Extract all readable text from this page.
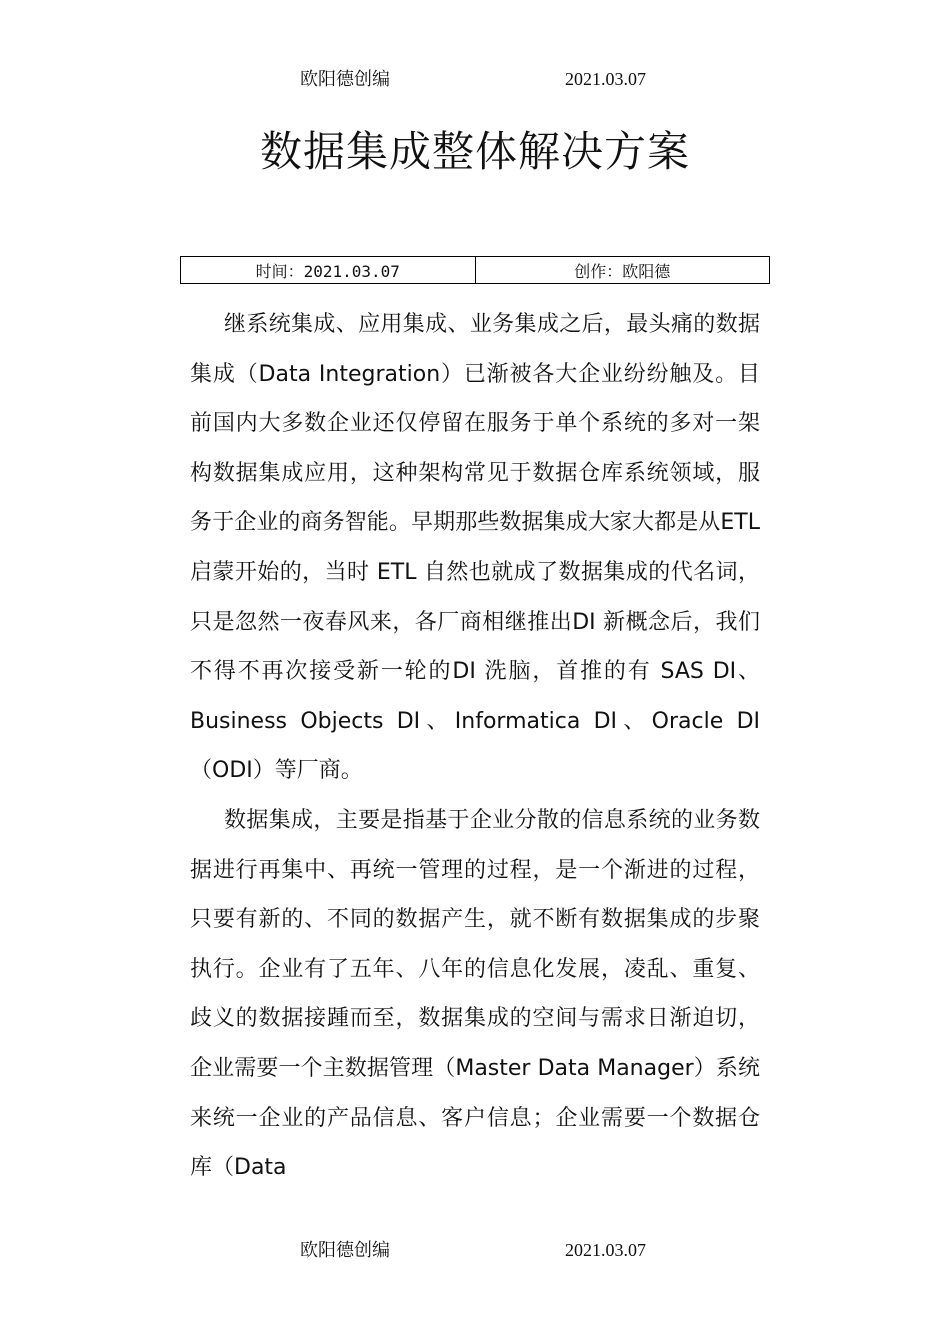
欧阳德创编	2021.03.07
数据集成整体解决方案
时间：2021.03.07	创作：欧阳德

继系统集成、应用集成、业务集成之后，最头痛的数据集成（Data Integration）已渐被各大企业纷纷触及。目前国内大多数企业还仅停留在服务于单个系统的多对一架构数据集成应用，这种架构常见于数据仓库系统领域，服务于企业的商务智能。早期那些数据集成大家大都是从ETL 启蒙开始的，当时 ETL 自然也就成了数据集成的代名词，只是忽然一夜春风来，各厂商相继推出DI 新概念后，我们不得不再次接受新一轮的DI 洗脑，首推的有 SAS DI、Business Objects DI、Informatica DI、Oracle DI（ODI）等厂商。

数据集成，主要是指基于企业分散的信息系统的业务数据进行再集中、再统一管理的过程，是一个渐进的过程，只要有新的、不同的数据产生，就不断有数据集成的步聚执行。企业有了五年、八年的信息化发展，凌乱、重复、歧义的数据接踵而至，数据集成的空间与需求日渐迫切，企业需要一个主数据管理（Master Data Manager）系统来统一企业的产品信息、客户信息；企业需要一个数据仓库（Data

欧阳德创编	2021.03.07
